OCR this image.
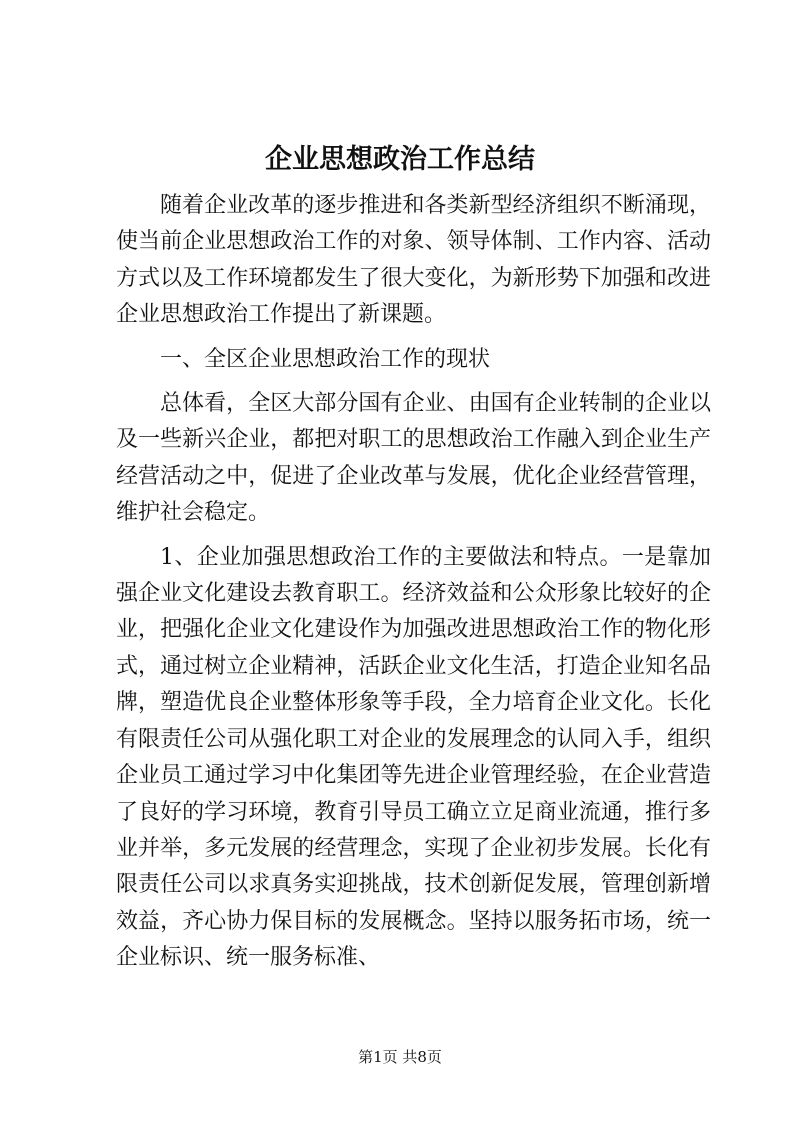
企业思想政治工作总结

随着企业改革的逐步推进和各类新型经济组织不断涌现，使当前企业思想政治工作的对象、领导体制、工作内容、活动方式以及工作环境都发生了很大变化，为新形势下加强和改进企业思想政治工作提出了新课题。

一、全区企业思想政治工作的现状

总体看，全区大部分国有企业、由国有企业转制的企业以及一些新兴企业，都把对职工的思想政治工作融入到企业生产经营活动之中，促进了企业改革与发展，优化企业经营管理，维护社会稳定。

1、企业加强思想政治工作的主要做法和特点。一是靠加强企业文化建设去教育职工。经济效益和公众形象比较好的企业，把强化企业文化建设作为加强改进思想政治工作的物化形式，通过树立企业精神，活跃企业文化生活，打造企业知名品牌，塑造优良企业整体形象等手段，全力培育企业文化。长化有限责任公司从强化职工对企业的发展理念的认同入手，组织企业员工通过学习中化集团等先进企业管理经验，在企业营造了良好的学习环境，教育引导员工确立立足商业流通，推行多业并举，多元发展的经营理念，实现了企业初步发展。长化有限责任公司以求真务实迎挑战，技术创新促发展，管理创新增效益，齐心协力保目标的发展概念。坚持以服务拓市场，统一企业标识、统一服务标准、

第1页 共8页
